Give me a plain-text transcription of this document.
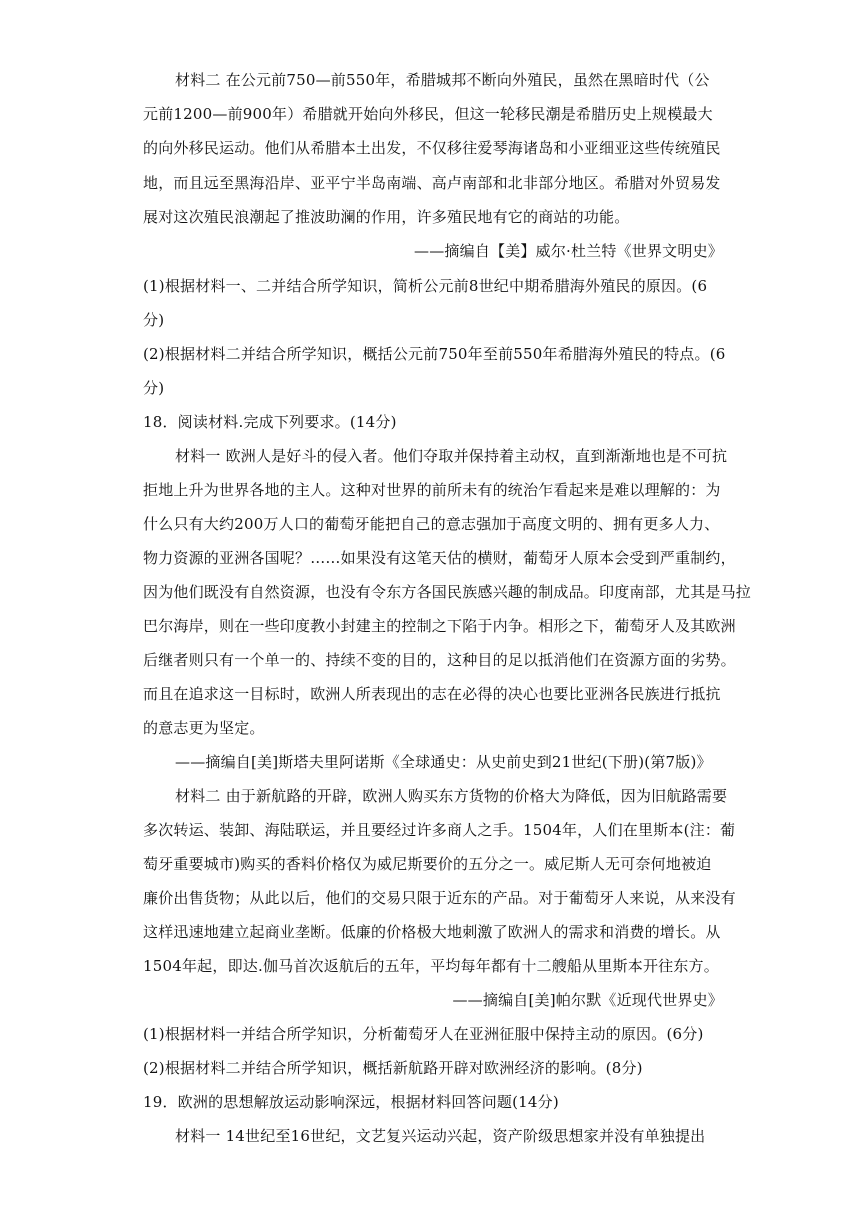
材料二 在公元前750—前550年，希腊城邦不断向外殖民，虽然在黑暗时代（公
元前1200—前900年）希腊就开始向外移民，但这一轮移民潮是希腊历史上规模最大
的向外移民运动。他们从希腊本土出发，不仅移往爱琴海诸岛和小亚细亚这些传统殖民
地，而且远至黑海沿岸、亚平宁半岛南端、高卢南部和北非部分地区。希腊对外贸易发
展对这次殖民浪潮起了推波助澜的作用，许多殖民地有它的商站的功能。
——摘编自【美】威尔·杜兰特《世界文明史》
(1)根据材料一、二并结合所学知识，简析公元前8世纪中期希腊海外殖民的原因。(6
分)
(2)根据材料二并结合所学知识，概括公元前750年至前550年希腊海外殖民的特点。(6
分)
18．阅读材料.完成下列要求。(14分)
材料一 欧洲人是好斗的侵入者。他们夺取并保持着主动权，直到渐渐地也是不可抗
拒地上升为世界各地的主人。这种对世界的前所未有的统治乍看起来是难以理解的：为
什么只有大约200万人口的葡萄牙能把自己的意志强加于高度文明的、拥有更多人力、
物力资源的亚洲各国呢？……如果没有这笔天估的横财，葡萄牙人原本会受到严重制约，
因为他们既没有自然资源，也没有令东方各国民族感兴趣的制成品。印度南部，尤其是马拉
巴尔海岸，则在一些印度教小封建主的控制之下陷于内争。相形之下，葡萄牙人及其欧洲
后继者则只有一个单一的、持续不变的目的，这种目的足以抵消他们在资源方面的劣势。
而且在追求这一目标时，欧洲人所表现出的志在必得的决心也要比亚洲各民族进行抵抗
的意志更为坚定。
——摘编自[美]斯塔夫里阿诺斯《全球通史：从史前史到21世纪(下册)(第7版)》
材料二 由于新航路的开辟，欧洲人购买东方货物的价格大为降低，因为旧航路需要
多次转运、装卸、海陆联运，并且要经过许多商人之手。1504年，人们在里斯本(注：葡
萄牙重要城市)购买的香料价格仅为威尼斯要价的五分之一。威尼斯人无可奈何地被迫
廉价出售货物；从此以后，他们的交易只限于近东的产品。对于葡萄牙人来说，从来没有
这样迅速地建立起商业垄断。低廉的价格极大地刺激了欧洲人的需求和消费的增长。从
1504年起，即达.伽马首次返航后的五年，平均每年都有十二艘船从里斯本开往东方。
——摘编自[美]帕尔默《近现代世界史》
(1)根据材料一并结合所学知识，分析葡萄牙人在亚洲征服中保持主动的原因。(6分)
(2)根据材料二并结合所学知识，概括新航路开辟对欧洲经济的影响。(8分)
19．欧洲的思想解放运动影响深远，根据材料回答问题(14分)
材料一 14世纪至16世纪，文艺复兴运动兴起，资产阶级思想家并没有单独提出
